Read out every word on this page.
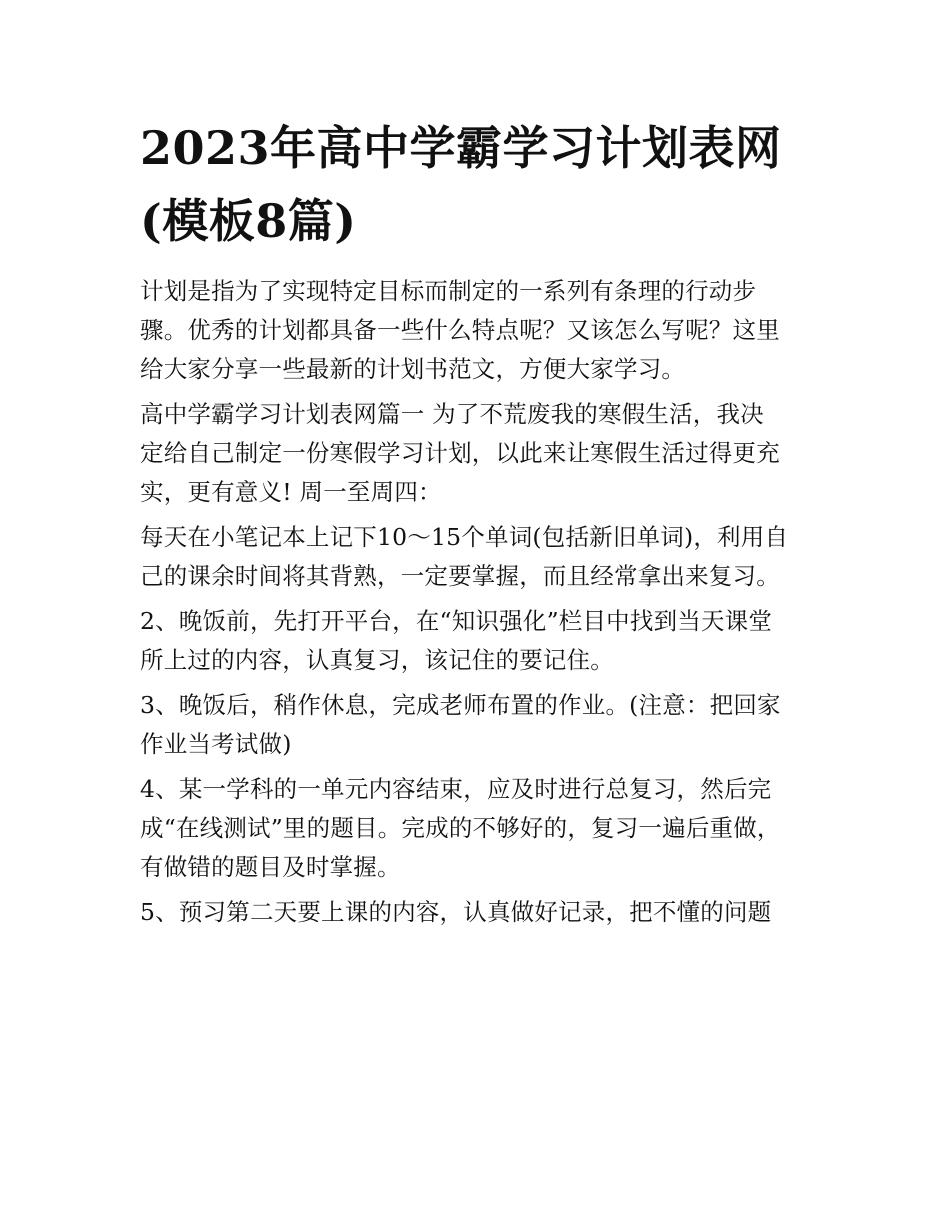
2023年高中学霸学习计划表网
(模板8篇)

计划是指为了实现特定目标而制定的一系列有条理的行动步
骤。优秀的计划都具备一些什么特点呢？又该怎么写呢？这里
给大家分享一些最新的计划书范文，方便大家学习。

高中学霸学习计划表网篇一 为了不荒废我的寒假生活，我决
定给自己制定一份寒假学习计划，以此来让寒假生活过得更充
实，更有意义! 周一至周四：

每天在小笔记本上记下10～15个单词(包括新旧单词)，利用自
己的课余时间将其背熟，一定要掌握，而且经常拿出来复习。

2、晚饭前，先打开平台，在“知识强化”栏目中找到当天课堂
所上过的内容，认真复习，该记住的要记住。

3、晚饭后，稍作休息，完成老师布置的作业。(注意：把回家
作业当考试做)

4、某一学科的一单元内容结束，应及时进行总复习，然后完
成“在线测试”里的题目。完成的不够好的，复习一遍后重做，
有做错的题目及时掌握。

5、预习第二天要上课的内容，认真做好记录，把不懂的问题
